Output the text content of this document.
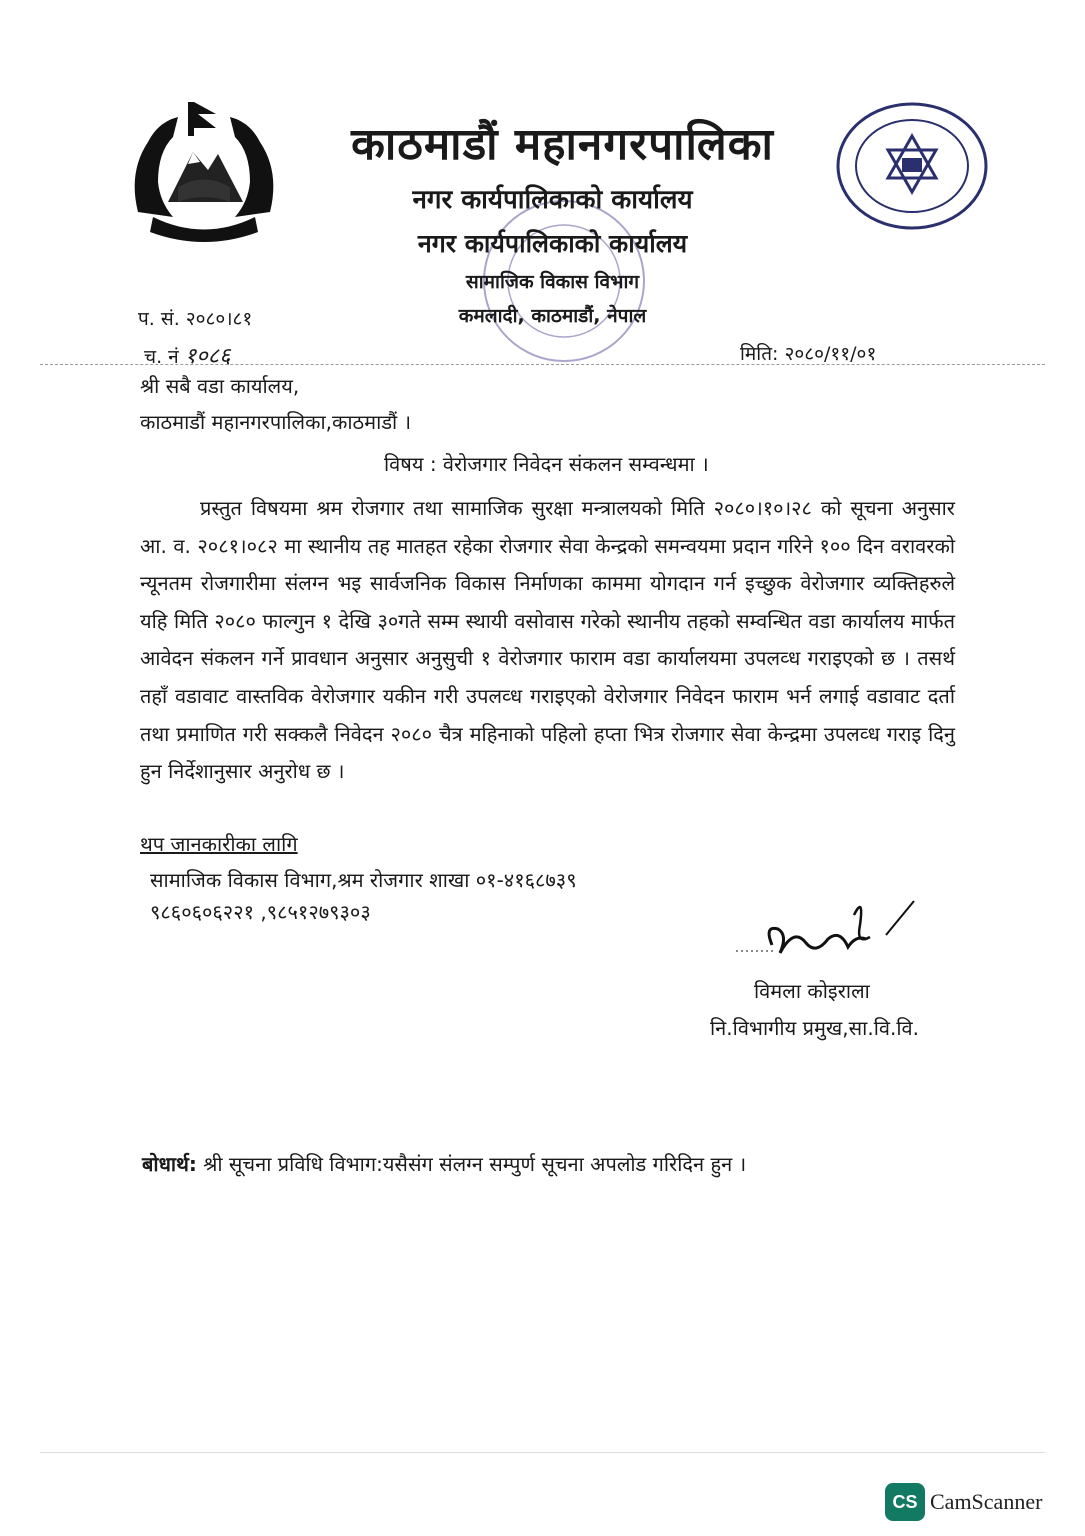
काठमाडौं महानगरपालिका
नगर कार्यपालिकाको कार्यालय
नगर कार्यपालिकाको कार्यालय
सामाजिक विकास विभाग
कमलादी, काठमाडौं, नेपाल
प. सं. २०८०।८१
च. नं १०८६	मिति: २०८०/११/०१
श्री सबै वडा कार्यालय,
काठमाडौं महानगरपालिका,काठमाडौं ।
विषय : वेरोजगार निवेदन संकलन सम्वन्धमा ।
प्रस्तुत विषयमा श्रम रोजगार तथा सामाजिक सुरक्षा मन्त्रालयको मिति २०८०।१०।२८ को सूचना अनुसार आ. व. २०८१।०८२ मा स्थानीय तह मातहत रहेका रोजगार सेवा केन्द्रको समन्वयमा प्रदान गरिने १०० दिन वरावरको न्यूनतम रोजगारीमा संलग्न भइ सार्वजनिक विकास निर्माणका काममा योगदान गर्न इच्छुक वेरोजगार व्यक्तिहरुले यहि मिति २०८० फाल्गुन १ देखि ३०गते सम्म स्थायी वसोवास गरेको स्थानीय तहको सम्वन्धित वडा कार्यालय मार्फत आवेदन संकलन गर्ने प्रावधान अनुसार अनुसुची १ वेरोजगार फाराम वडा कार्यालयमा उपलव्ध गराइएको छ । तसर्थ तहाँ वडावाट वास्तविक वेरोजगार यकीन गरी उपलव्ध गराइएको वेरोजगार निवेदन फाराम भर्न लगाई वडावाट दर्ता तथा प्रमाणित गरी सक्कलै निवेदन २०८० चैत्र महिनाको पहिलो हप्ता भित्र रोजगार सेवा केन्द्रमा उपलव्ध गराइ दिनु हुन निर्देशानुसार अनुरोध छ ।
थप जानकारीका लागि
सामाजिक विकास विभाग,श्रम रोजगार शाखा ०१-४१६८७३९
९८६०६०६२२१ ,९८५१२७९३०३
विमला कोइराला
नि.विभागीय प्रमुख,सा.वि.वि.
बोधार्थ: श्री सूचना प्रविधि विभाग:यसैसंग संलग्न सम्पुर्ण सूचना अपलोड गरिदिन हुन ।
CS CamScanner
